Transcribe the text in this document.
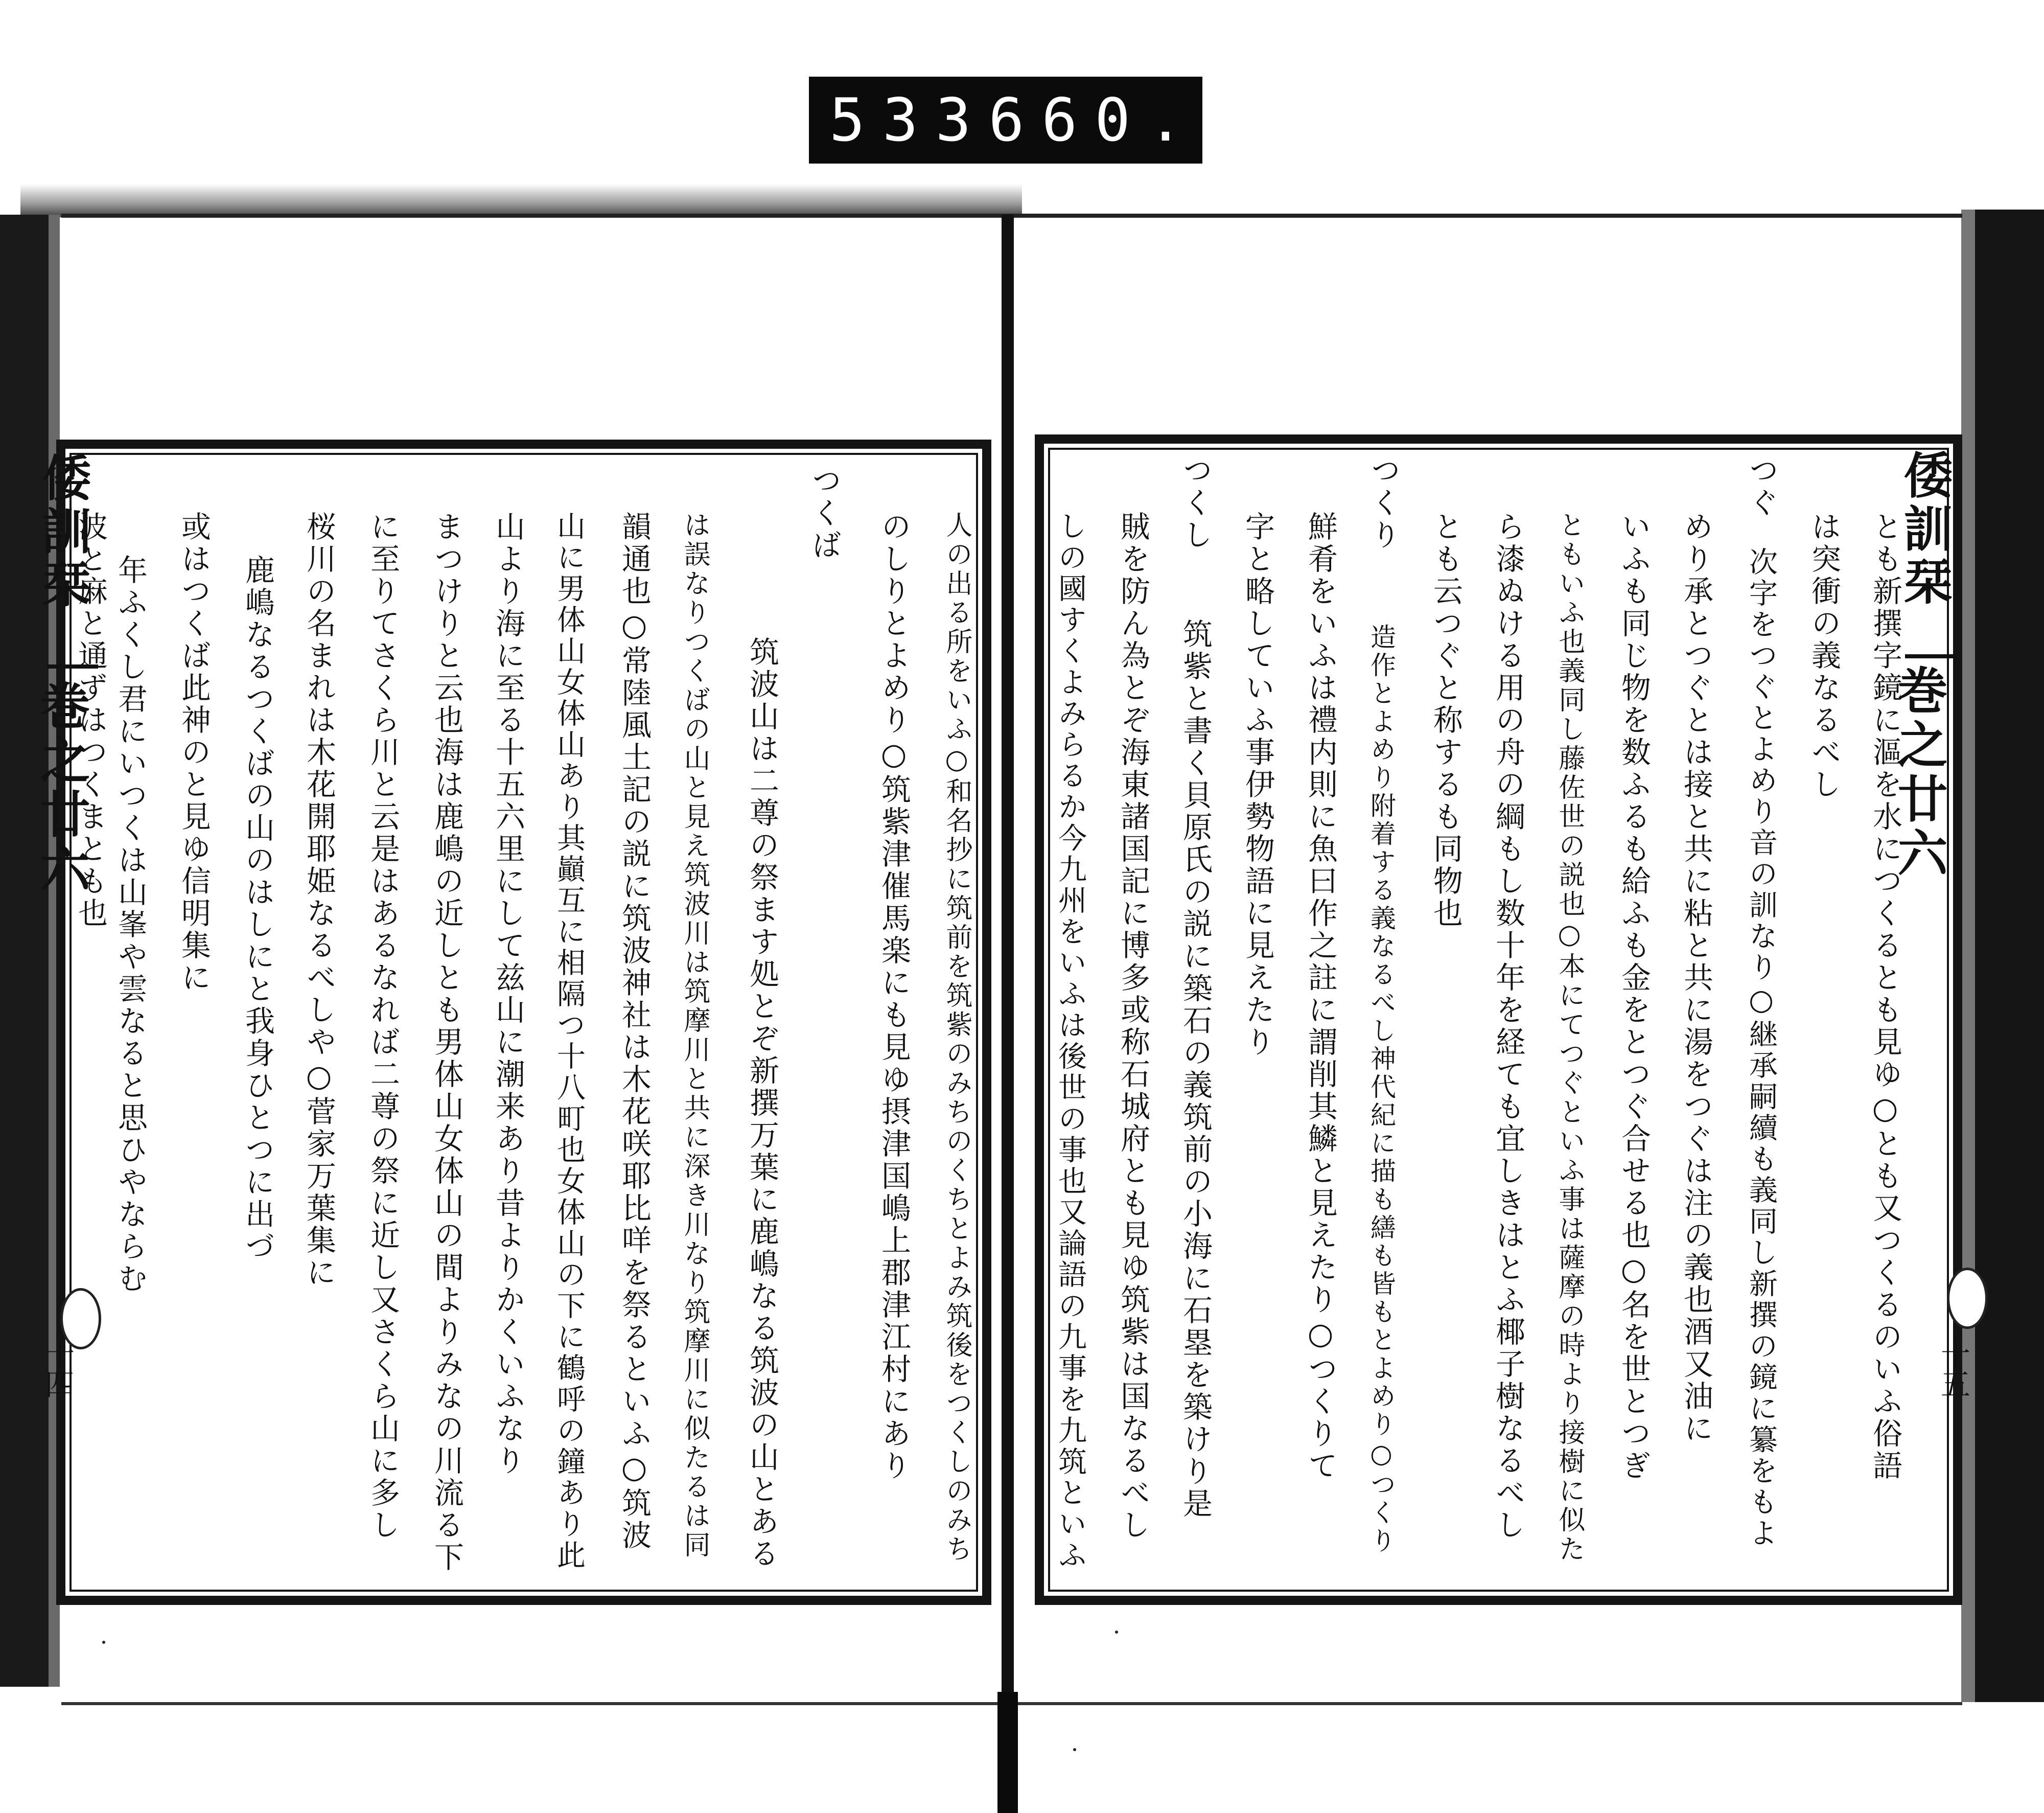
533 660.
倭訓栞
巻之廿六
十四	人の出る所をいふ○和名抄に筑前を筑紫のみちのくちとよみ筑後をつくしのみち
のしりとよめり○筑紫津催馬楽にも見ゆ摂津国嶋上郡津江村にあり
つくば
筑波山は二尊の祭ます処とぞ新撰万葉に鹿嶋なる筑波の山とある
は誤なりつくばの山と見え筑波川は筑摩川と共に深き川なり筑摩川に似たるは同
韻通也○常陸風土記の説に筑波神社は木花咲耶比咩を祭るといふ○筑波
山に男体山女体山あり其巓互に相隔つ十八町也女体山の下に鶴呼の鐘あり此
山より海に至る十五六里にして兹山に潮来あり昔よりかくいふなり
まつけりと云也海は鹿嶋の近しとも男体山女体山の間よりみなの川流る下
に至りてさくら川と云是はあるなれば二尊の祭に近し又さくら山に多し
桜川の名まれは木花開耶姫なるべしや○菅家万葉集に
鹿嶋なるつくばの山のはしにと我身ひとつに出づ
或はつくば此神のと見ゆ信明集に
年ふくし君にいつくは山峯や雲なると思ひやならむ
波と麻と通ずはつくまとも也	倭訓栞
巻之廿六
十五
とも新撰字鏡に漚を水につくるとも見ゆ○とも又つくるのいふ俗語
は突衝の義なるべし
つぐ
次字をつぐとよめり音の訓なり○継承嗣續も義同し新撰の鏡に纂をもよ
めり承とつぐとは接と共に粘と共に湯をつぐは注の義也酒又油に
いふも同じ物を数ふるも給ふも金をとつぐ合せる也○名を世とつぎ
ともいふ也義同し藤佐世の説也○本にてつぐといふ事は薩摩の時より接樹に似た
ら漆ぬける用の舟の綱もし数十年を経ても宜しきはとふ椰子樹なるべし
とも云つぐと称するも同物也
つくり
造作とよめり附着する義なるべし神代紀に描も繕も皆もとよめり○つくり
鮮肴をいふは禮内則に魚曰作之註に謂削其鱗と見えたり○つくりて
字と略していふ事伊勢物語に見えたり
つくし
筑紫と書く貝原氏の説に築石の義筑前の小海に石塁を築けり是
賊を防ん為とぞ海東諸国記に博多或称石城府とも見ゆ筑紫は国なるべし
しの國すくよみらるか今九州をいふは後世の事也又論語の九事を九筑といふ
